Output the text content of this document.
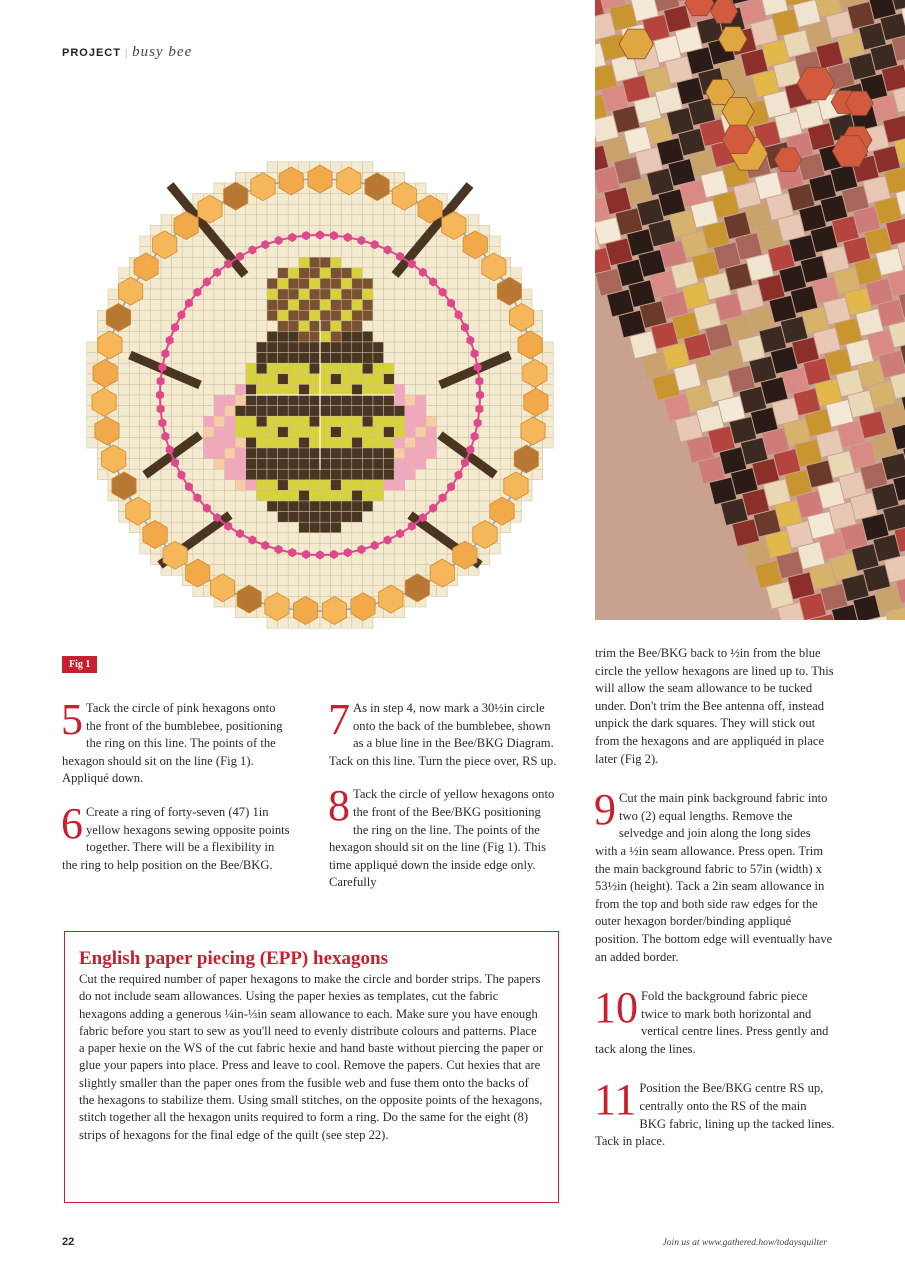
PROJECT | busy bee
Fig 1
5 Tack the circle of pink hexagons onto the front of the bumblebee, positioning the ring on this line. The points of the hexagon should sit on the line (Fig 1). Appliqué down.
6 Create a ring of forty-seven (47) 1in yellow hexagons sewing opposite points together. There will be a flexibility in the ring to help position on the Bee/BKG.
7 As in step 4, now mark a 30½in circle onto the back of the bumblebee, shown as a blue line in the Bee/BKG Diagram. Tack on this line. Turn the piece over, RS up.
8 Tack the circle of yellow hexagons onto the front of the Bee/BKG positioning the ring on the line. The points of the hexagon should sit on the line (Fig 1). This time appliqué down the inside edge only. Carefully
trim the Bee/BKG back to ½in from the blue circle the yellow hexagons are lined up to. This will allow the seam allowance to be tucked under. Don't trim the Bee antenna off, instead unpick the dark squares. They will stick out from the hexagons and are appliquéd in place later (Fig 2).
9 Cut the main pink background fabric into two (2) equal lengths. Remove the selvedge and join along the long sides with a ½in seam allowance. Press open. Trim the main background fabric to 57in (width) x 53½in (height). Tack a 2in seam allowance in from the top and both side raw edges for the outer hexagon border/binding appliqué position. The bottom edge will eventually have an added border.
10 Fold the background fabric piece twice to mark both horizontal and vertical centre lines. Press gently and tack along the lines.
11 Position the Bee/BKG centre RS up, centrally onto the RS of the main BKG fabric, lining up the tacked lines. Tack in place.
English paper piecing (EPP) hexagons

Cut the required number of paper hexagons to make the circle and border strips. The papers do not include seam allowances. Using the paper hexies as templates, cut the fabric hexagons adding a generous ¼in-⅓in seam allowance to each. Make sure you have enough fabric before you start to sew as you'll need to evenly distribute colours and patterns. Place a paper hexie on the WS of the cut fabric hexie and hand baste without piercing the paper or glue your papers into place. Press and leave to cool. Remove the papers. Cut hexies that are slightly smaller than the paper ones from the fusible web and fuse them onto the backs of the hexagons to stabilize them. Using small stitches, on the opposite points of the hexagons, stitch together all the hexagon units required to form a ring. Do the same for the eight (8) strips of hexagons for the final edge of the quilt (see step 22).

22	Join us at www.gathered.how/todaysquilter
